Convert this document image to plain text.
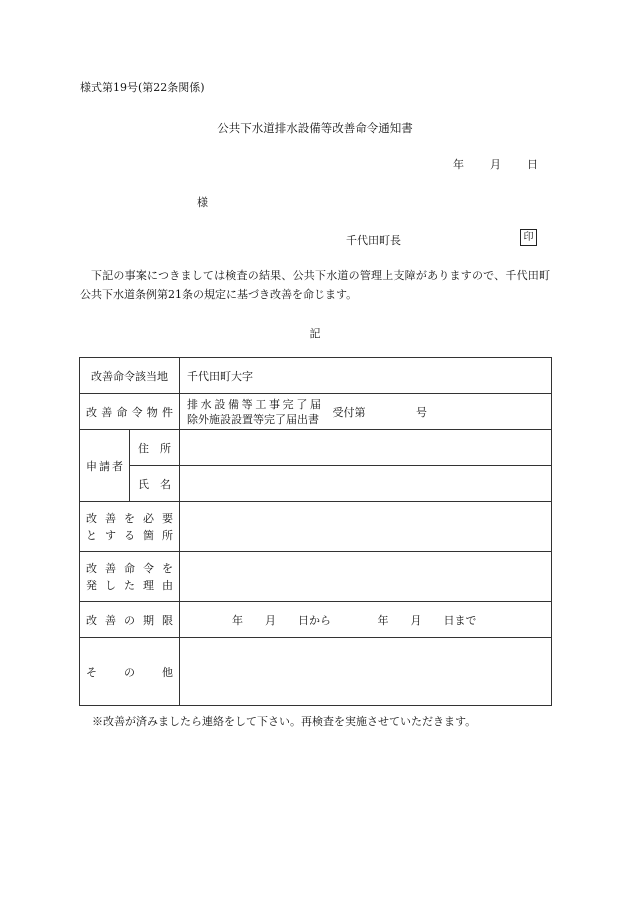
様式第19号(第22条関係)
公共下水道排水設備等改善命令通知書
年 月 日
様
千代田町長	印
下記の事案につきましては検査の結果、公共下水道の管理上支障がありますので、千代田町公共下水道条例第21条の規定に基づき改善を命じます。
記
改善命令該当地		千代田町大字
改善命令物件		排水設備等工事完了届
除外施設設置等完了届出書
受付第 号
申請者	住　所	
	氏　名	

改善を必要
とする箇所		

改善命令を
発した理由		

改善の期限		年　　月　　日から 年　　月　　日まで
そ　の　他		
※改善が済みましたら連絡をして下さい。再検査を実施させていただきます。
